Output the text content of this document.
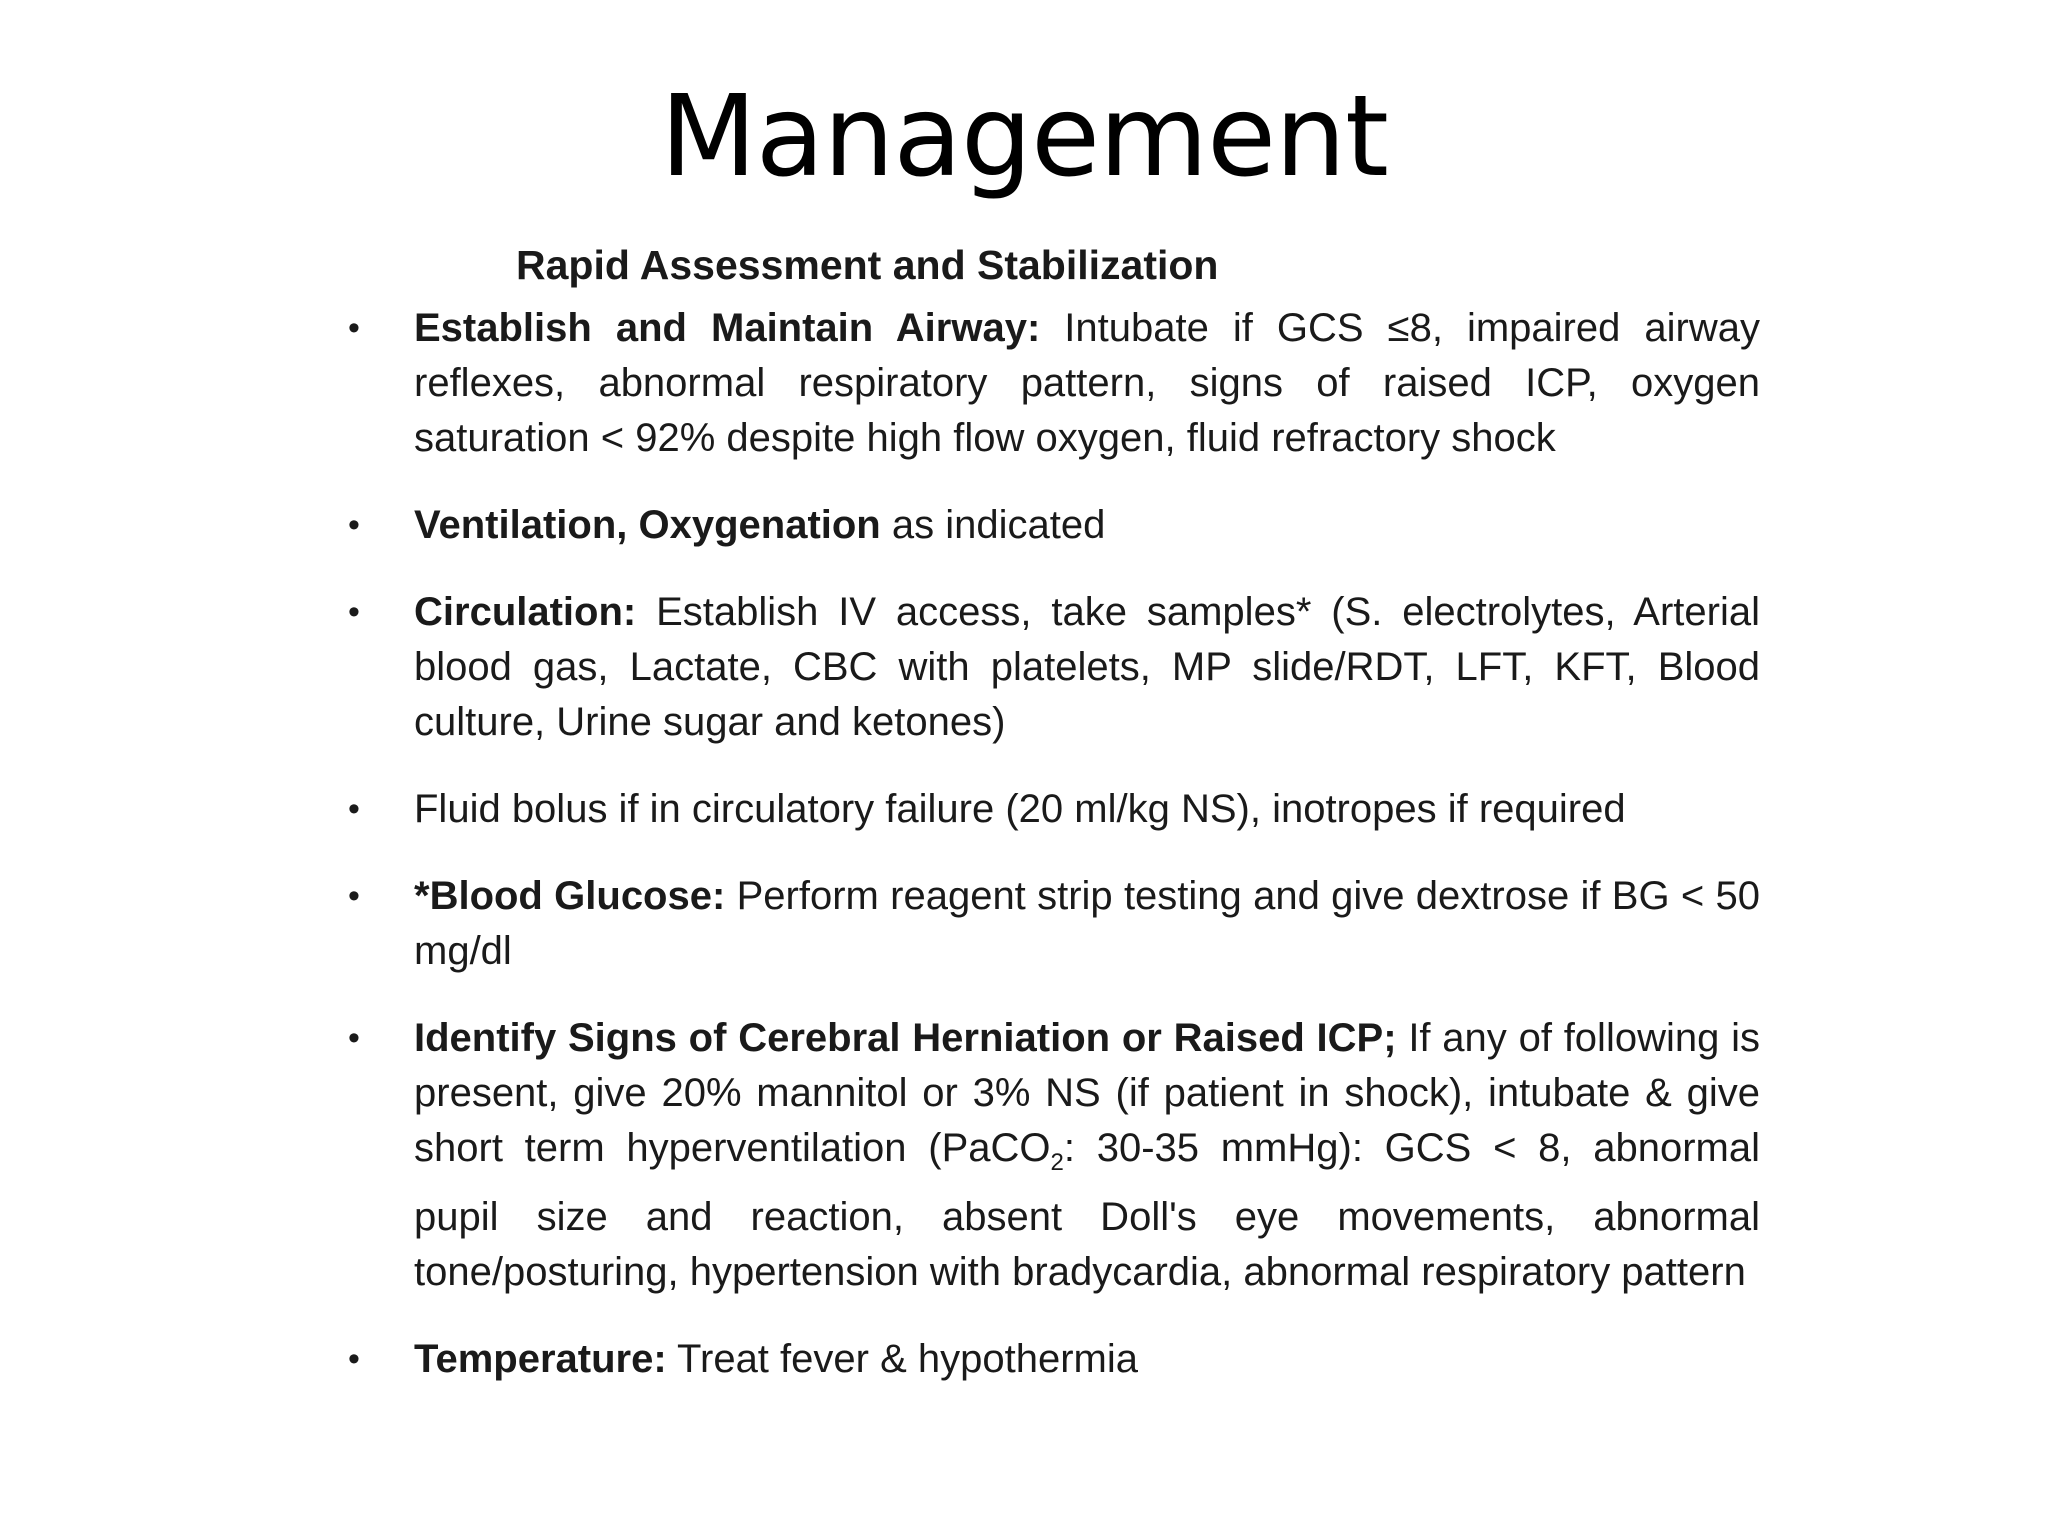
Management

Rapid Assessment and Stabilization

• Establish and Maintain Airway: Intubate if GCS ≤8, impaired airway reflexes, abnormal respiratory pattern, signs of raised ICP, oxygen saturation < 92% despite high flow oxygen, fluid refractory shock
• Ventilation, Oxygenation as indicated
• Circulation: Establish IV access, take samples* (S. electrolytes, Arterial blood gas, Lactate, CBC with platelets, MP slide/RDT, LFT, KFT, Blood culture, Urine sugar and ketones)
• Fluid bolus if in circulatory failure (20 ml/kg NS), inotropes if required
• *Blood Glucose: Perform reagent strip testing and give dextrose if BG < 50 mg/dl
• Identify Signs of Cerebral Herniation or Raised ICP; If any of following is present, give 20% mannitol or 3% NS (if patient in shock), intubate & give short term hyperventilation (PaCO$_2$: 30-35 mmHg): GCS < 8, abnormal pupil size and reaction, absent Doll's eye movements, abnormal tone/posturing, hypertension with bradycardia, abnormal respiratory pattern
• Temperature: Treat fever & hypothermia
